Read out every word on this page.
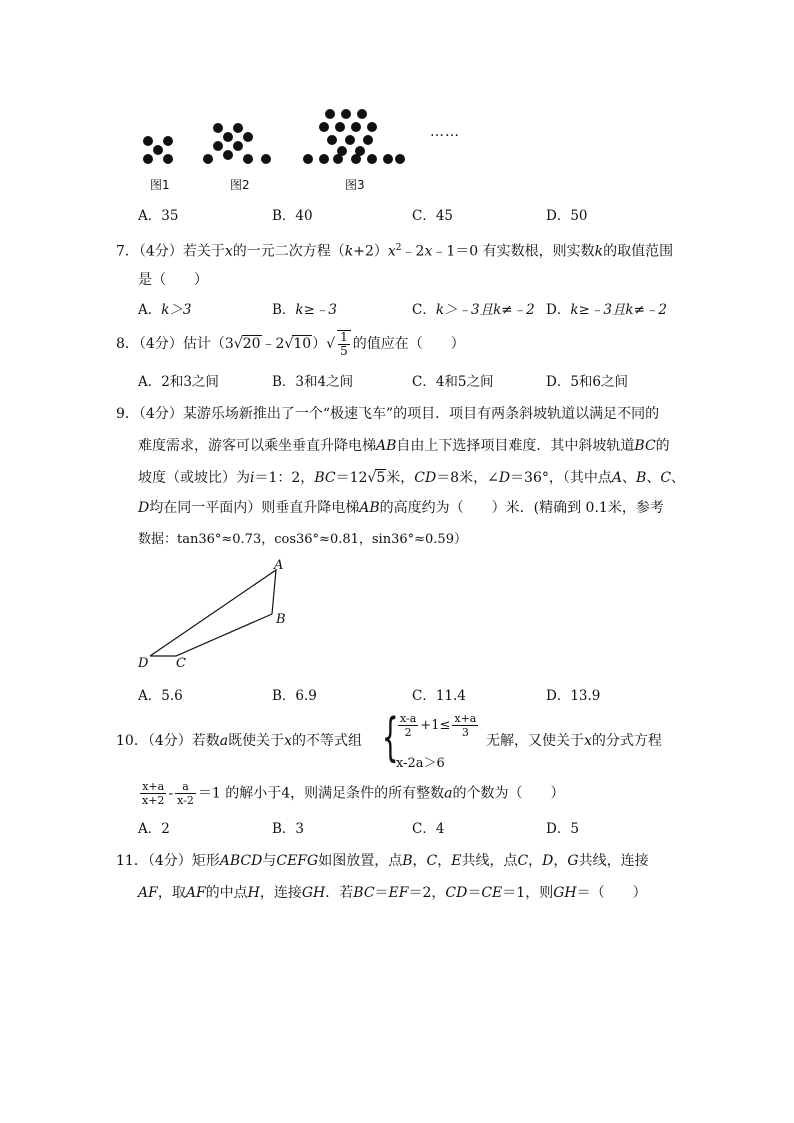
……
图1	图2	图3
A．35	B．40	C．45	D．50
7．（4分）若关于x的一元二次方程$(k+2)x^2﹣2x﹣1=0$ 有实数根，则实数k的取值范围
是（　　）
A．k＞3	B．k≥﹣3	C．k＞﹣3且k≠﹣2 D．k≥﹣3且k≠﹣2
8．（4分）估计（3√20﹣2√10）√ $\frac{1}{5}$ 的值应在（　　）
A．2和3之间	B．3和4之间	C．4和5之间	D．5和6之间
9．（4分）某游乐场新推出了一个“极速飞车”的项目．项目有两条斜坡轨道以满足不同的
难度需求，游客可以乘坐垂直升降电梯AB自由上下选择项目难度．其中斜坡轨道BC的
坡度（或坡比）为i＝1：2，BC＝12√5米，CD＝8米，∠D＝36°，（其中点A、B、C、
D均在同一平面内）则垂直升降电梯AB的高度约为（　　）米．(精确到 0.1米，参考
数据：tan36°≈0.73，cos36°≈0.81，sin36°≈0.59）
A
B
C
D
A．5.6	B．6.9	C．11.4	D．13.9
10．（4分）若数a既使关于x的不等式组 { $\frac{x-a}{2} +1\le \frac{x+a}{3}$
x-2a＞6
无解，又使关于x的分式方程
$\frac{x+a}{x+2} - \frac{a}{x-2} =1$ 的解小于4，则满足条件的所有整数a的个数为（　　）
A．2	B．3	C．4	D．5
11．（4分）矩形ABCD与CEFG如图放置，点B，C，E共线，点C，D，G共线，连接
AF，取AF的中点H，连接GH．若BC＝EF＝2，CD＝CE＝1，则GH＝（　　）
